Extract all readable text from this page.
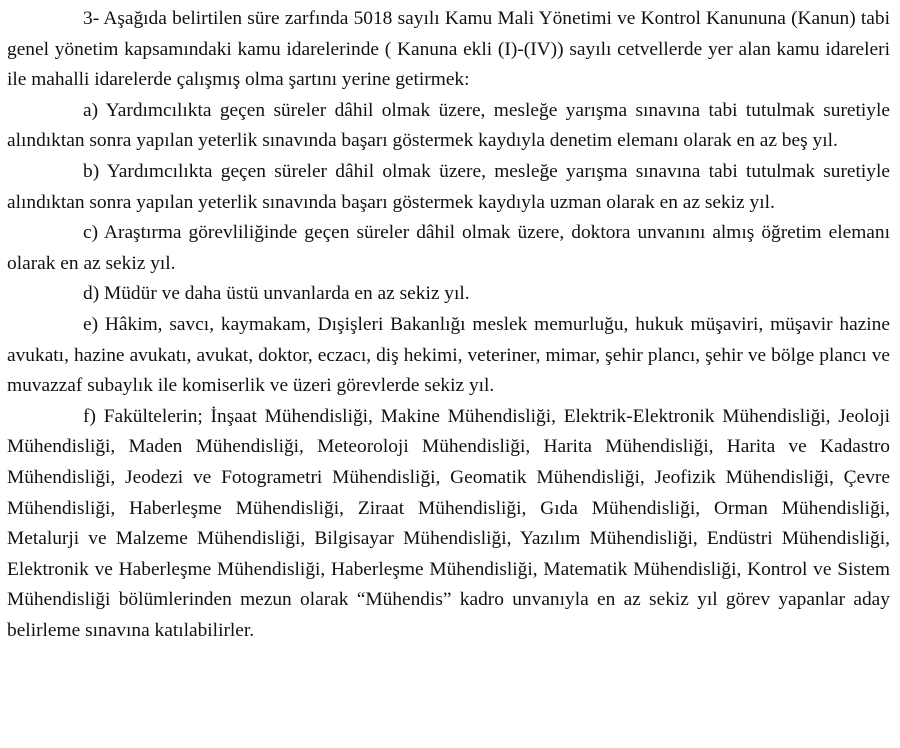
3- Aşağıda belirtilen süre zarfında 5018 sayılı Kamu Mali Yönetimi ve Kontrol Kanununa (Kanun) tabi genel yönetim kapsamındaki kamu idarelerinde ( Kanuna ekli (I)-(IV)) sayılı cetvellerde yer alan kamu idareleri ile mahalli idarelerde çalışmış olma şartını yerine getirmek:

a) Yardımcılıkta geçen süreler dâhil olmak üzere, mesleğe yarışma sınavına tabi tutulmak suretiyle alındıktan sonra yapılan yeterlik sınavında başarı göstermek kaydıyla denetim elemanı olarak en az beş yıl.

b) Yardımcılıkta geçen süreler dâhil olmak üzere, mesleğe yarışma sınavına tabi tutulmak suretiyle alındıktan sonra yapılan yeterlik sınavında başarı göstermek kaydıyla uzman olarak en az sekiz yıl.

c) Araştırma görevliliğinde geçen süreler dâhil olmak üzere, doktora unvanını almış öğretim elemanı olarak en az sekiz yıl.

d) Müdür ve daha üstü unvanlarda en az sekiz yıl.

e) Hâkim, savcı, kaymakam, Dışişleri Bakanlığı meslek memurluğu, hukuk müşaviri, müşavir hazine avukatı, hazine avukatı, avukat, doktor, eczacı, diş hekimi, veteriner, mimar, şehir plancı, şehir ve bölge plancı ve muvazzaf subaylık ile komiserlik ve üzeri görevlerde sekiz yıl.

f) Fakültelerin; İnşaat Mühendisliği, Makine Mühendisliği, Elektrik-Elektronik Mühendisliği, Jeoloji Mühendisliği, Maden Mühendisliği, Meteoroloji Mühendisliği, Harita Mühendisliği, Harita ve Kadastro Mühendisliği, Jeodezi ve Fotogrametri Mühendisliği, Geomatik Mühendisliği, Jeofizik Mühendisliği, Çevre Mühendisliği, Haberleşme Mühendisliği, Ziraat Mühendisliği, Gıda Mühendisliği, Orman Mühendisliği, Metalurji ve Malzeme Mühendisliği, Bilgisayar Mühendisliği, Yazılım Mühendisliği, Endüstri Mühendisliği, Elektronik ve Haberleşme Mühendisliği, Haberleşme Mühendisliği, Matematik Mühendisliği, Kontrol ve Sistem Mühendisliği bölümlerinden mezun olarak “Mühendis” kadro unvanıyla en az sekiz yıl görev yapanlar aday belirleme sınavına katılabilirler.
